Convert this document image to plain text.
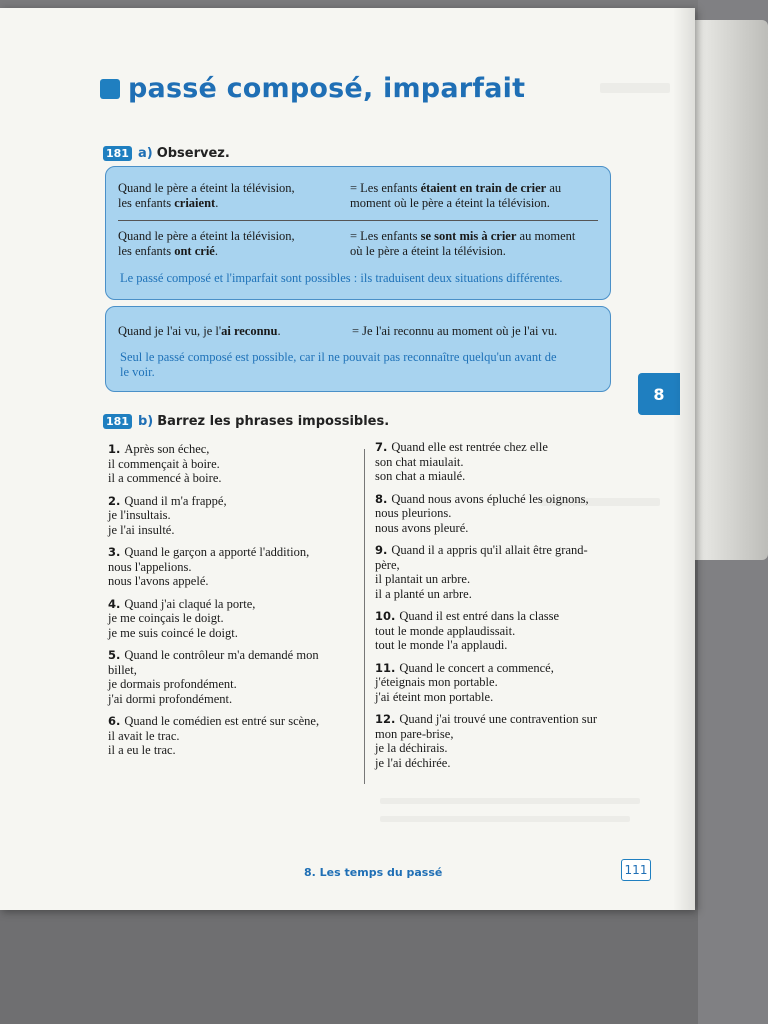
passé composé, imparfait
181 a) Observez.
Quand le père a éteint la télévision,
les enfants criaient.
= Les enfants étaient en train de crier au
moment où le père a éteint la télévision.
Quand le père a éteint la télévision,
les enfants ont crié.
= Les enfants se sont mis à crier au moment
où le père a éteint la télévision.
Le passé composé et l'imparfait sont possibles : ils traduisent deux situations différentes.
Quand je l'ai vu, je l'ai reconnu.	= Je l'ai reconnu au moment où je l'ai vu.
Seul le passé composé est possible, car il ne pouvait pas reconnaître quelqu'un avant de
le voir.
8
181 b) Barrez les phrases impossibles.
1. Après son échec,
il commençait à boire.
il a commencé à boire.
2. Quand il m'a frappé,
je l'insultais.
je l'ai insulté.
3. Quand le garçon a apporté l'addition,
nous l'appelions.
nous l'avons appelé.
4. Quand j'ai claqué la porte,
je me coinçais le doigt.
je me suis coincé le doigt.
5. Quand le contrôleur m'a demandé mon
billet,
je dormais profondément.
j'ai dormi profondément.
6. Quand le comédien est entré sur scène,
il avait le trac.
il a eu le trac.
7. Quand elle est rentrée chez elle
son chat miaulait.
son chat a miaulé.
8. Quand nous avons épluché les oignons,
nous pleurions.
nous avons pleuré.
9. Quand il a appris qu'il allait être grand-
père,
il plantait un arbre.
il a planté un arbre.
10. Quand il est entré dans la classe
tout le monde applaudissait.
tout le monde l'a applaudi.
11. Quand le concert a commencé,
j'éteignais mon portable.
j'ai éteint mon portable.
12. Quand j'ai trouvé une contravention sur
mon pare-brise,
je la déchirais.
je l'ai déchirée.
8. Les temps du passé	111
